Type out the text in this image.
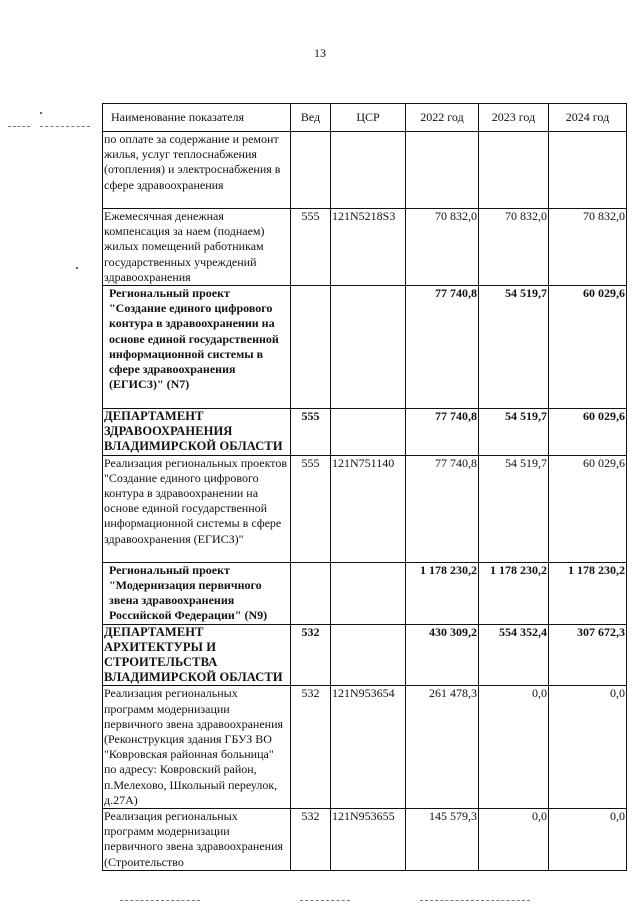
13
Наименование показателя	Вед	ЦСР	2022 год	2023 год	2024 год
по оплате за содержание и ремонт жилья, услуг теплоснабжения (отопления) и электроснабжения в сфере здравоохранения					
Ежемесячная денежная компенсация за наем (поднаем) жилых помещений работникам государственных учреждений здравоохранения	555	121N5218S3	70 832,0	70 832,0	70 832,0
Региональный проект "Создание единого цифрового контура в здравоохранении на основе единой государственной информационной системы в сфере здравоохранения (ЕГИСЗ)" (N7)			77 740,8	54 519,7	60 029,6
ДЕПАРТАМЕНТ ЗДРАВООХРАНЕНИЯ ВЛАДИМИРСКОЙ ОБЛАСТИ	555		77 740,8	54 519,7	60 029,6
Реализация региональных проектов "Создание единого цифрового контура в здравоохранении на основе единой государственной информационной системы в сфере здравоохранения (ЕГИСЗ)"	555	121N751140	77 740,8	54 519,7	60 029,6
Региональный проект "Модернизация первичного звена здравоохранения Российской Федерации" (N9)			1 178 230,2	1 178 230,2	1 178 230,2
ДЕПАРТАМЕНТ АРХИТЕКТУРЫ И СТРОИТЕЛЬСТВА ВЛАДИМИРСКОЙ ОБЛАСТИ	532		430 309,2	554 352,4	307 672,3
Реализация региональных программ модернизации первичного звена здравоохранения (Реконструкция здания ГБУЗ ВО "Ковровская районная больница" по адресу: Ковровский район, п.Мелехово, Школьный переулок, д.27А)	532	121N953654	261 478,3	0,0	0,0
Реализация региональных программ модернизации первичного звена здравоохранения (Строительство	532	121N953655	145 579,3	0,0	0,0
